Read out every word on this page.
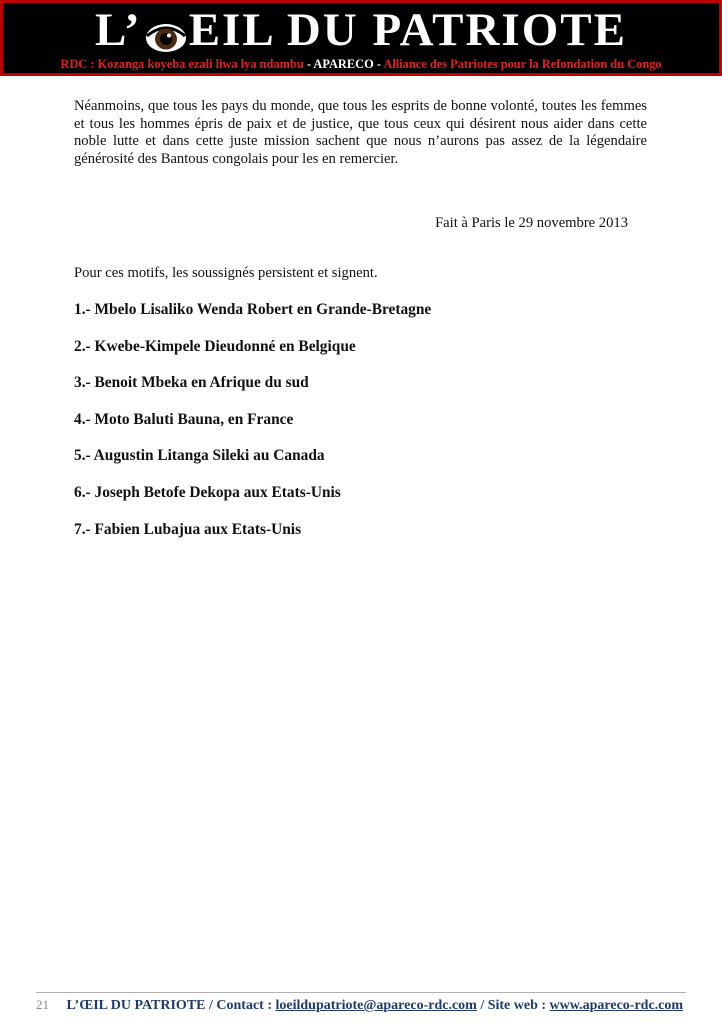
L’ EIL DU PATRIOTE
RDC : Kozanga koyeba ezali liwa lya ndambu - APARECO - Alliance des Patriotes pour la Refondation du Congo
Néanmoins, que tous les pays du monde, que tous les esprits de bonne volonté, toutes les femmes et tous les hommes épris de paix et de justice, que tous ceux qui désirent nous aider dans cette noble lutte et dans cette juste mission sachent que nous n’aurons pas assez de la légendaire générosité des Bantous congolais pour les en remercier.
Fait à Paris le 29 novembre 2013
Pour ces motifs, les soussignés persistent et signent.
1.- Mbelo Lisaliko Wenda Robert en Grande-Bretagne
2.- Kwebe-Kimpele Dieudonné en Belgique
3.- Benoit Mbeka en Afrique du sud
4.- Moto Baluti Bauna, en France
5.- Augustin Litanga Sileki au Canada
6.- Joseph Betofe Dekopa aux Etats-Unis
7.- Fabien Lubajua aux Etats-Unis
21 L’ŒIL DU PATRIOTE / Contact : loeildupatriote@apareco-rdc.com / Site web : www.apareco-rdc.com
